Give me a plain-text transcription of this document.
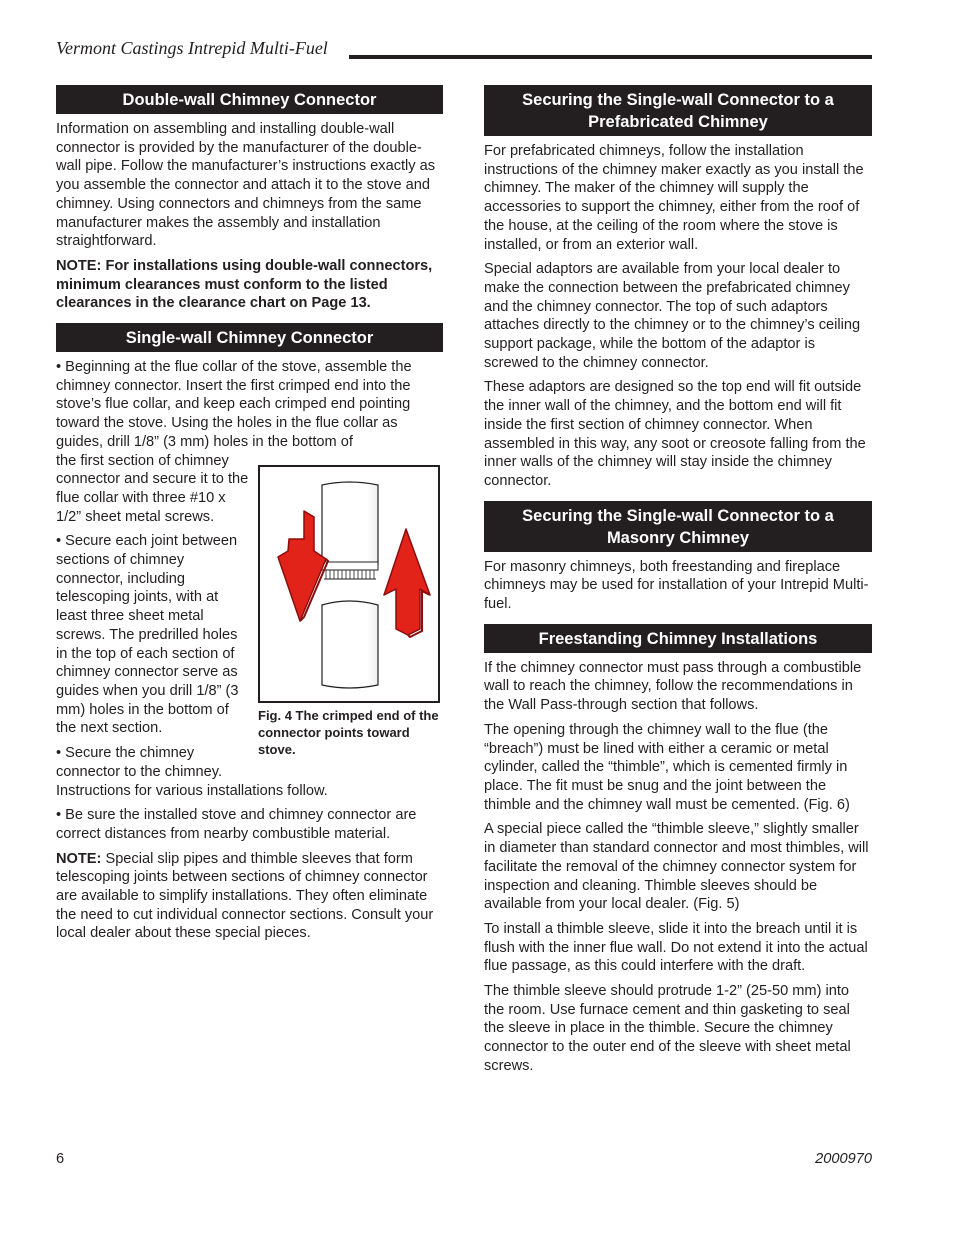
Vermont Castings Intrepid Multi-Fuel
Double-wall Chimney Connector

Information on assembling and installing double-wall connector is provided by the manufacturer of the double-wall pipe. Follow the manufacturer’s instructions exactly as you assemble the connector and attach it to the stove and chimney. Using connectors and chimneys from the same manufacturer makes the assembly and installation straightforward.

NOTE: For installations using double-wall connectors, minimum clearances must conform to the listed clearances in the clearance chart on Page 13.

Single-wall Chimney Connector

• Beginning at the flue collar of the stove, assemble the chimney connector. Insert the first crimped end into the stove’s flue collar, and keep each crimped end pointing toward the stove. Using the holes in the flue collar as guides, drill 1/8” (3 mm) holes in the bottom of

the first section of chimney connector and secure it to the flue collar with three #10 x 1/2” sheet metal screws.

• Secure each joint between sections of chimney connector, including telescoping joints, with at least three sheet metal screws. The predrilled holes in the top of each section of chimney connector serve as guides when you drill 1/8” (3 mm) holes in the bottom of the next section.

• Secure the chimney connector to the chimney.

Instructions for various installations follow.

• Be sure the installed stove and chimney connector are correct distances from nearby combustible material.

NOTE: Special slip pipes and thimble sleeves that form telescoping joints between sections of chimney connector are available to simplify installations. They often eliminate the need to cut individual connector sections. Consult your local dealer about these special pieces.

Fig. 4 The crimped end of the connector points toward stove.
Securing the Single-wall Connector to a Prefabricated Chimney

For prefabricated chimneys, follow the installation instructions of the chimney maker exactly as you install the chimney. The maker of the chimney will supply the accessories to support the chimney, either from the roof of the house, at the ceiling of the room where the stove is installed, or from an exterior wall.

Special adaptors are available from your local dealer to make the connection between the prefabricated chimney and the chimney connector. The top of such adaptors attaches directly to the chimney or to the chimney’s ceiling support package, while the bottom of the adaptor is screwed to the chimney connector.

These adaptors are designed so the top end will fit outside the inner wall of the chimney, and the bottom end will fit inside the first section of chimney connector. When assembled in this way, any soot or creosote falling from the inner walls of the chimney will stay inside the chimney connector.

Securing the Single-wall Connector to a Masonry Chimney

For masonry chimneys, both freestanding and fireplace chimneys may be used for installation of your Intrepid Multi-fuel.

Freestanding Chimney Installations

If the chimney connector must pass through a combustible wall to reach the chimney, follow the recommendations in the Wall Pass-through section that follows.

The opening through the chimney wall to the flue (the “breach”) must be lined with either a ceramic or metal cylinder, called the “thimble”, which is cemented firmly in place. The fit must be snug and the joint between the thimble and the chimney wall must be cemented. (Fig. 6)

A special piece called the “thimble sleeve,” slightly smaller in diameter than standard connector and most thimbles, will facilitate the removal of the chimney connector system for inspection and cleaning. Thimble sleeves should be available from your local dealer. (Fig. 5)

To install a thimble sleeve, slide it into the breach until it is flush with the inner flue wall. Do not extend it into the actual flue passage, as this could interfere with the draft.

The thimble sleeve should protrude 1-2” (25-50 mm) into the room. Use furnace cement and thin gasketing to seal the sleeve in place in the thimble. Secure the chimney connector to the outer end of the sleeve with sheet metal screws.

6	2000970
